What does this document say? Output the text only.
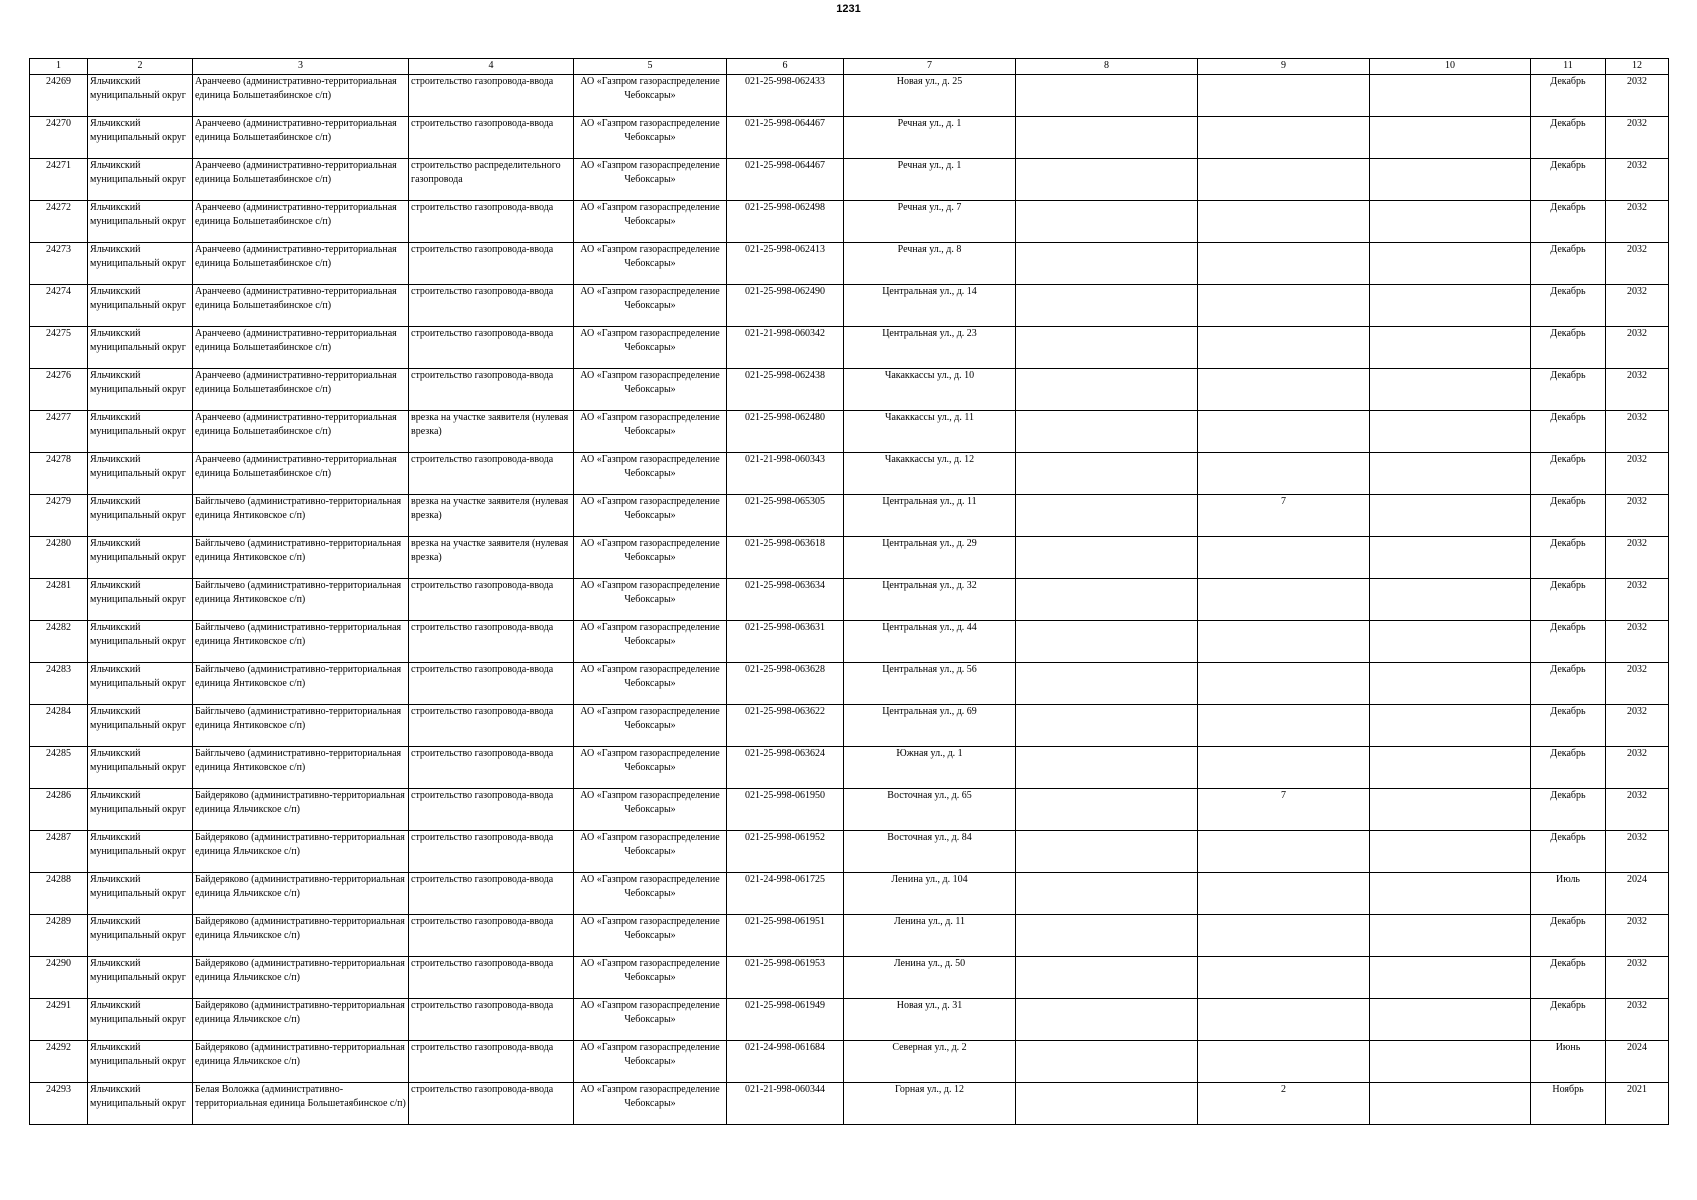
1231
1	2	3	4	5	6	7	8	9	10	11	12

24269	Яльчикский муниципальный округ	Аранчеево (административно-территориальная единица Большетаябинское с/п)	строительство газопровода-ввода	АО «Газпром газораспределение Чебоксары»	021-25-998-062433	Новая ул., д. 25				Декабрь	2032

24270	Яльчикский муниципальный округ	Аранчеево (административно-территориальная единица Большетаябинское с/п)	строительство газопровода-ввода	АО «Газпром газораспределение Чебоксары»	021-25-998-064467	Речная ул., д. 1				Декабрь	2032

24271	Яльчикский муниципальный округ	Аранчеево (административно-территориальная единица Большетаябинское с/п)	строительство распределительного газопровода	АО «Газпром газораспределение Чебоксары»	021-25-998-064467	Речная ул., д. 1				Декабрь	2032

24272	Яльчикский муниципальный округ	Аранчеево (административно-территориальная единица Большетаябинское с/п)	строительство газопровода-ввода	АО «Газпром газораспределение Чебоксары»	021-25-998-062498	Речная ул., д. 7				Декабрь	2032

24273	Яльчикский муниципальный округ	Аранчеево (административно-территориальная единица Большетаябинское с/п)	строительство газопровода-ввода	АО «Газпром газораспределение Чебоксары»	021-25-998-062413	Речная ул., д. 8				Декабрь	2032

24274	Яльчикский муниципальный округ	Аранчеево (административно-территориальная единица Большетаябинское с/п)	строительство газопровода-ввода	АО «Газпром газораспределение Чебоксары»	021-25-998-062490	Центральная ул., д. 14				Декабрь	2032

24275	Яльчикский муниципальный округ	Аранчеево (административно-территориальная единица Большетаябинское с/п)	строительство газопровода-ввода	АО «Газпром газораспределение Чебоксары»	021-21-998-060342	Центральная ул., д. 23				Декабрь	2032

24276	Яльчикский муниципальный округ	Аранчеево (административно-территориальная единица Большетаябинское с/п)	строительство газопровода-ввода	АО «Газпром газораспределение Чебоксары»	021-25-998-062438	Чакаккассы ул., д. 10				Декабрь	2032

24277	Яльчикский муниципальный округ	Аранчеево (административно-территориальная единица Большетаябинское с/п)	врезка на участке заявителя (нулевая врезка)	АО «Газпром газораспределение Чебоксары»	021-25-998-062480	Чакаккассы ул., д. 11				Декабрь	2032

24278	Яльчикский муниципальный округ	Аранчеево (административно-территориальная единица Большетаябинское с/п)	строительство газопровода-ввода	АО «Газпром газораспределение Чебоксары»	021-21-998-060343	Чакаккассы ул., д. 12				Декабрь	2032

24279	Яльчикский муниципальный округ	Байглычево (административно-территориальная единица Янтиковское с/п)	врезка на участке заявителя (нулевая врезка)	АО «Газпром газораспределение Чебоксары»	021-25-998-065305	Центральная ул., д. 11		7		Декабрь	2032

24280	Яльчикский муниципальный округ	Байглычево (административно-территориальная единица Янтиковское с/п)	врезка на участке заявителя (нулевая врезка)	АО «Газпром газораспределение Чебоксары»	021-25-998-063618	Центральная ул., д. 29				Декабрь	2032

24281	Яльчикский муниципальный округ	Байглычево (административно-территориальная единица Янтиковское с/п)	строительство газопровода-ввода	АО «Газпром газораспределение Чебоксары»	021-25-998-063634	Центральная ул., д. 32				Декабрь	2032

24282	Яльчикский муниципальный округ	Байглычево (административно-территориальная единица Янтиковское с/п)	строительство газопровода-ввода	АО «Газпром газораспределение Чебоксары»	021-25-998-063631	Центральная ул., д. 44				Декабрь	2032

24283	Яльчикский муниципальный округ	Байглычево (административно-территориальная единица Янтиковское с/п)	строительство газопровода-ввода	АО «Газпром газораспределение Чебоксары»	021-25-998-063628	Центральная ул., д. 56				Декабрь	2032

24284	Яльчикский муниципальный округ	Байглычево (административно-территориальная единица Янтиковское с/п)	строительство газопровода-ввода	АО «Газпром газораспределение Чебоксары»	021-25-998-063622	Центральная ул., д. 69				Декабрь	2032

24285	Яльчикский муниципальный округ	Байглычево (административно-территориальная единица Янтиковское с/п)	строительство газопровода-ввода	АО «Газпром газораспределение Чебоксары»	021-25-998-063624	Южная ул., д. 1				Декабрь	2032

24286	Яльчикский муниципальный округ	Байдеряково (административно-территориальная единица Яльчикское с/п)	строительство газопровода-ввода	АО «Газпром газораспределение Чебоксары»	021-25-998-061950	Восточная ул., д. 65		7		Декабрь	2032

24287	Яльчикский муниципальный округ	Байдеряково (административно-территориальная единица Яльчикское с/п)	строительство газопровода-ввода	АО «Газпром газораспределение Чебоксары»	021-25-998-061952	Восточная ул., д. 84				Декабрь	2032

24288	Яльчикский муниципальный округ	Байдеряково (административно-территориальная единица Яльчикское с/п)	строительство газопровода-ввода	АО «Газпром газораспределение Чебоксары»	021-24-998-061725	Ленина ул., д. 104				Июль	2024

24289	Яльчикский муниципальный округ	Байдеряково (административно-территориальная единица Яльчикское с/п)	строительство газопровода-ввода	АО «Газпром газораспределение Чебоксары»	021-25-998-061951	Ленина ул., д. 11				Декабрь	2032

24290	Яльчикский муниципальный округ	Байдеряково (административно-территориальная единица Яльчикское с/п)	строительство газопровода-ввода	АО «Газпром газораспределение Чебоксары»	021-25-998-061953	Ленина ул., д. 50				Декабрь	2032

24291	Яльчикский муниципальный округ	Байдеряково (административно-территориальная единица Яльчикское с/п)	строительство газопровода-ввода	АО «Газпром газораспределение Чебоксары»	021-25-998-061949	Новая ул., д. 31				Декабрь	2032

24292	Яльчикский муниципальный округ	Байдеряково (административно-территориальная единица Яльчикское с/п)	строительство газопровода-ввода	АО «Газпром газораспределение Чебоксары»	021-24-998-061684	Северная ул., д. 2				Июнь	2024

24293	Яльчикский муниципальный округ	Белая Воложка (административно-территориальная единица Большетаябинское с/п)	строительство газопровода-ввода	АО «Газпром газораспределение Чебоксары»	021-21-998-060344	Горная ул., д. 12		2		Ноябрь	2021
